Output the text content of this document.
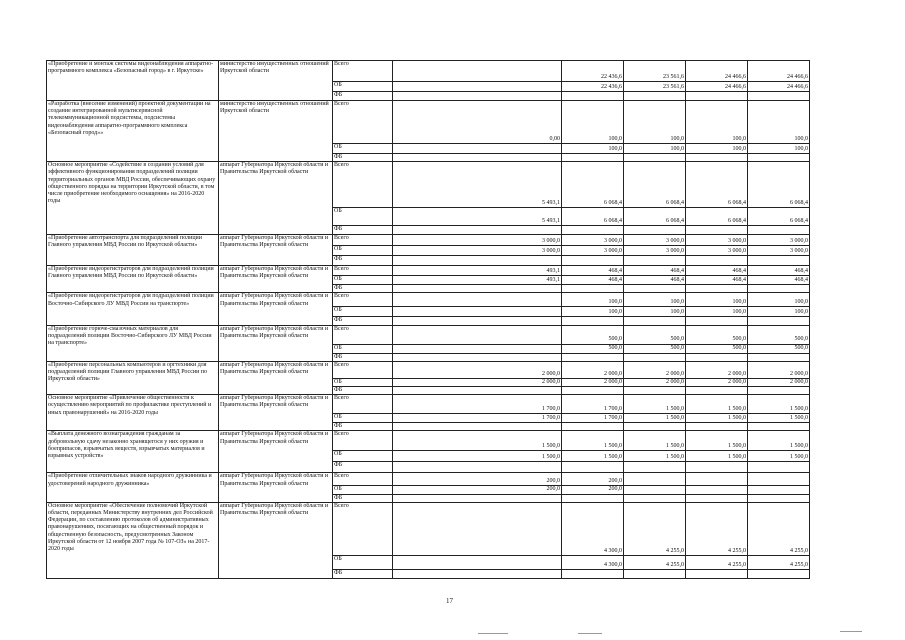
«Приобретение и монтаж системы видеонаблюдения аппаратно-программного комплекса «Безопасный город» в г. Иркутске»	министерство имущественных отношений Иркутской области	Всего		22 436,6	23 561,6	24 466,6	24 466,6
		ОБ		22 436,6	23 561,6	24 466,6	24 466,6
		ФБ					
«Разработка (внесение изменений) проектной документации на создание интегрированной мультисервисной телекоммуникационной подсистемы, подсистемы видеонаблюдения аппаратно-программного комплекса «Безопасный город»»	министерство имущественных отношений Иркутской области	Всего	0,00	100,0	100,0	100,0	100,0
		ОБ		100,0	100,0	100,0	100,0
		ФБ					
Основное мероприятие «Содействие в создании условий для эффективного функционирования подразделений полиции территориальных органов МВД России, обеспечивающих охрану общественного порядка на территории Иркутской области, в том числе приобретение необходимого оснащения» на 2016-2020 годы	аппарат Губернатора Иркутской области и Правительства Иркутской области	Всего	5 493,1	6 068,4	6 068,4	6 068,4	6 068,4
		ОБ	5 493,1	6 068,4	6 068,4	6 068,4	6 068,4
		ФБ					
«Приобретение автотранспорта для подразделений полиции Главного управления МВД России по Иркутской области»	аппарат Губернатора Иркутской области и Правительства Иркутской области	Всего	3 000,0	3 000,0	3 000,0	3 000,0	3 000,0
		ОБ	3 000,0	3 000,0	3 000,0	3 000,0	3 000,0
		ФБ					
«Приобретение видеорегистраторов для подразделений полиции Главного управления МВД России по Иркутской области»	аппарат Губернатора Иркутской области и Правительства Иркутской области	Всего	493,1	468,4	468,4	468,4	468,4
		ОБ	493,1	468,4	468,4	468,4	468,4
		ФБ					
«Приобретение видеорегистраторов для подразделений полиции Восточно-Сибирского ЛУ МВД России на транспорте»	аппарат Губернатора Иркутской области и Правительства Иркутской области	Всего		100,0	100,0	100,0	100,0
		ОБ		100,0	100,0	100,0	100,0
		ФБ					
«Приобретение горюче-смазочных материалов для подразделений полиции Восточно-Сибирского ЛУ МВД России на транспорте»	аппарат Губернатора Иркутской области и Правительства Иркутской области	Всего		500,0	500,0	500,0	500,0
		ОБ		500,0	500,0	500,0	500,0
		ФБ					
«Приобретение персональных компьютеров и оргтехники для подразделений полиции Главного управления МВД России по Иркутской области»	аппарат Губернатора Иркутской области и Правительства Иркутской области	Всего	2 000,0	2 000,0	2 000,0	2 000,0	2 000,0
		ОБ	2 000,0	2 000,0	2 000,0	2 000,0	2 000,0
		ФБ					
Основное мероприятие «Привлечение общественности к осуществлению мероприятий по профилактике преступлений и иных правонарушений» на 2016-2020 годы	аппарат Губернатора Иркутской области и Правительства Иркутской области	Всего	1 700,0	1 700,0	1 500,0	1 500,0	1 500,0
		ОБ	1 700,0	1 700,0	1 500,0	1 500,0	1 500,0
		ФБ					
«Выплата денежного вознаграждения гражданам за добровольную сдачу незаконно хранящегося у них оружия и боеприпасов, взрывчатых веществ, взрывчатых материалов и взрывных устройств»	аппарат Губернатора Иркутской области и Правительства Иркутской области	Всего	1 500,0	1 500,0	1 500,0	1 500,0	1 500,0
		ОБ	1 500,0	1 500,0	1 500,0	1 500,0	1 500,0
		ФБ					
«Приобретение отличительных знаков народного дружинника и удостоверений народного дружинника»	аппарат Губернатора Иркутской области и Правительства Иркутской области	Всего	200,0	200,0			
		ОБ	200,0	200,0			
		ФБ					
Основное мероприятие «Обеспечение полномочий Иркутской области, переданных Министерству внутренних дел Российской Федерации, по составлению протоколов об административных правонарушениях, посягающих на общественный порядок и общественную безопасность, предусмотренных Законом Иркутской области от 12 ноября 2007 года № 107-ОЗ» на 2017-2020 годы	аппарат Губернатора Иркутской области и Правительства Иркутской области	Всего		4 300,0	4 255,0	4 255,0	4 255,0
		ОБ		4 300,0	4 255,0	4 255,0	4 255,0
		ФБ					
17
